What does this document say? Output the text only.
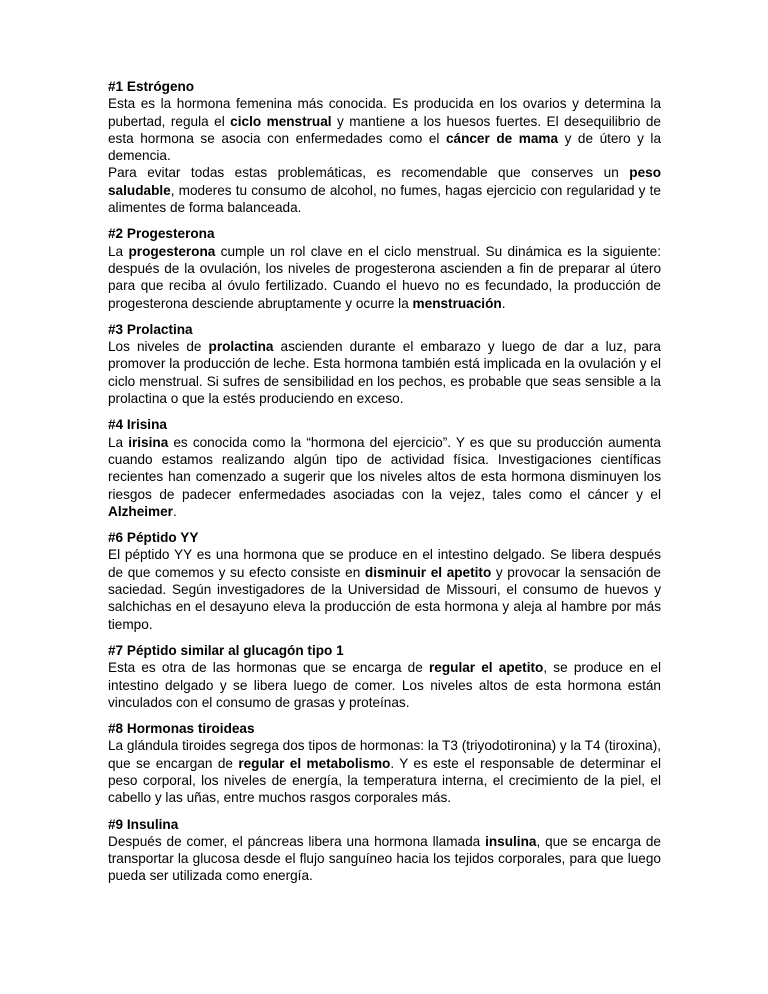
#1 Estrógeno

Esta es la hormona femenina más conocida. Es producida en los ovarios y determina la pubertad, regula el ciclo menstrual y mantiene a los huesos fuertes. El desequilibrio de esta hormona se asocia con enfermedades como el cáncer de mama y de útero y la demencia.

Para evitar todas estas problemáticas, es recomendable que conserves un peso saludable, moderes tu consumo de alcohol, no fumes, hagas ejercicio con regularidad y te alimentes de forma balanceada.

#2 Progesterona

La progesterona cumple un rol clave en el ciclo menstrual. Su dinámica es la siguiente: después de la ovulación, los niveles de progesterona ascienden a fin de preparar al útero para que reciba al óvulo fertilizado. Cuando el huevo no es fecundado, la producción de progesterona desciende abruptamente y ocurre la menstruación.

#3 Prolactina

Los niveles de prolactina ascienden durante el embarazo y luego de dar a luz, para promover la producción de leche. Esta hormona también está implicada en la ovulación y el ciclo menstrual. Si sufres de sensibilidad en los pechos, es probable que seas sensible a la prolactina o que la estés produciendo en exceso.

#4 Irisina

La irisina es conocida como la “hormona del ejercicio”. Y es que su producción aumenta cuando estamos realizando algún tipo de actividad física. Investigaciones científicas recientes han comenzado a sugerir que los niveles altos de esta hormona disminuyen los riesgos de padecer enfermedades asociadas con la vejez, tales como el cáncer y el Alzheimer.

#6 Péptido YY

El péptido YY es una hormona que se produce en el intestino delgado. Se libera después de que comemos y su efecto consiste en disminuir el apetito y provocar la sensación de saciedad. Según investigadores de la Universidad de Missouri, el consumo de huevos y salchichas en el desayuno eleva la producción de esta hormona y aleja al hambre por más tiempo.

#7 Péptido similar al glucagón tipo 1

Esta es otra de las hormonas que se encarga de regular el apetito, se produce en el intestino delgado y se libera luego de comer. Los niveles altos de esta hormona están vinculados con el consumo de grasas y proteínas.

#8 Hormonas tiroideas

La glándula tiroides segrega dos tipos de hormonas: la T3 (triyodotironina) y la T4 (tiroxina), que se encargan de regular el metabolismo. Y es este el responsable de determinar el peso corporal, los niveles de energía, la temperatura interna, el crecimiento de la piel, el cabello y las uñas, entre muchos rasgos corporales más.

#9 Insulina

Después de comer, el páncreas libera una hormona llamada insulina, que se encarga de transportar la glucosa desde el flujo sanguíneo hacia los tejidos corporales, para que luego pueda ser utilizada como energía.
